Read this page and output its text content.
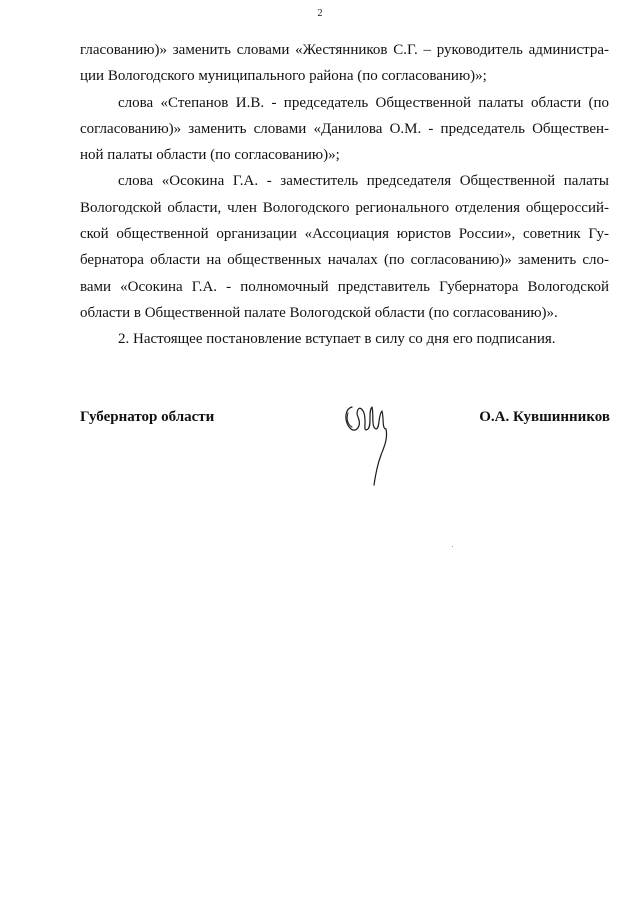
2
гласованию)» заменить словами «Жестянников С.Г. – руководитель администра-
ции Вологодского муниципального района (по согласованию)»;
слова «Степанов И.В. - председатель Общественной палаты области (по
согласованию)» заменить словами «Данилова О.М. - председатель Обществен-
ной палаты области (по согласованию)»;
слова «Осокина Г.А. - заместитель председателя Общественной палаты
Вологодской области, член Вологодского регионального отделения общероссий-
ской общественной организации «Ассоциация юристов России», советник Гу-
бернатора области на общественных началах (по согласованию)» заменить сло-
вами «Осокина Г.А. - полномочный представитель Губернатора Вологодской
области в Общественной палате Вологодской области (по согласованию)».
2. Настоящее постановление вступает в силу со дня его подписания.
Губернатор области	О.А. Кувшинников
